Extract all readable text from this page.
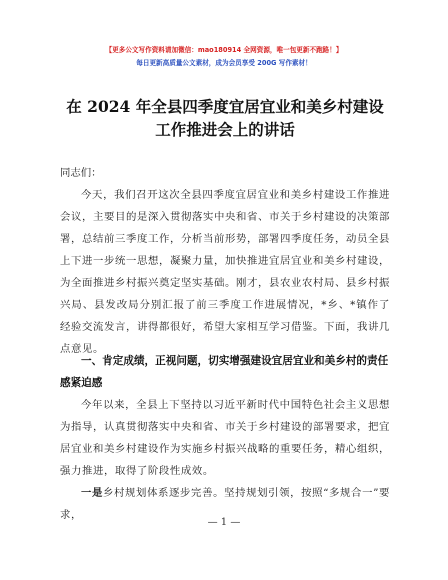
【更多公文写作资料请加微信：mao180914 全网资源，唯一包更新不跑路！】
每日更新高质量公文素材，成为会员享受 200G 写作素材！
在 2024 年全县四季度宜居宜业和美乡村建设工作推进会上的讲话
同志们：
今天，我们召开这次全县四季度宜居宜业和美乡村建设工作推进会议，主要目的是深入贯彻落实中央和省、市关于乡村建设的决策部署，总结前三季度工作，分析当前形势，部署四季度任务，动员全县上下进一步统一思想，凝聚力量，加快推进宜居宜业和美乡村建设，为全面推进乡村振兴奠定坚实基础。刚才，县农业农村局、县乡村振兴局、县发改局分别汇报了前三季度工作进展情况，*乡、*镇作了经验交流发言，讲得都很好，希望大家相互学习借鉴。下面，我讲几点意见。
一、肯定成绩，正视问题，切实增强建设宜居宜业和美乡村的责任感紧迫感
今年以来，全县上下坚持以习近平新时代中国特色社会主义思想为指导，认真贯彻落实中央和省、市关于乡村建设的部署要求，把宜居宜业和美乡村建设作为实施乡村振兴战略的重要任务，精心组织，强力推进，取得了阶段性成效。
一是乡村规划体系逐步完善。坚持规划引领，按照“多规合一”要求，
— 1 —
